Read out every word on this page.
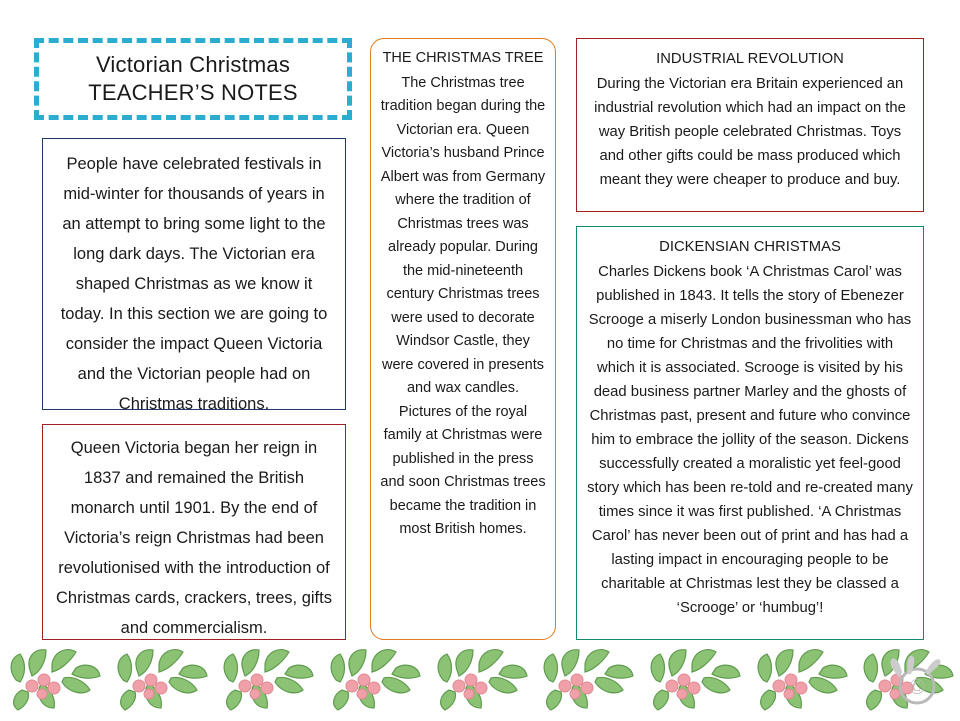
Victorian Christmas
TEACHER’S NOTES

People have celebrated festivals in mid-winter for thousands of years in an attempt to bring some light to the long dark days. The Victorian era shaped Christmas as we know it today. In this section we are going to consider the impact Queen Victoria and the Victorian people had on Christmas traditions.

Queen Victoria began her reign in 1837 and remained the British monarch until 1901. By the end of Victoria’s reign Christmas had been revolutionised with the introduction of Christmas cards, crackers, trees, gifts and commercialism.

THE CHRISTMAS TREE

The Christmas tree tradition began during the Victorian era. Queen Victoria’s husband Prince Albert was from Germany where the tradition of Christmas trees was already popular. During the mid-nineteenth century Christmas trees were used to decorate Windsor Castle, they were covered in presents and wax candles. Pictures of the royal family at Christmas were published in the press and soon Christmas trees became the tradition in most British homes.

INDUSTRIAL REVOLUTION

During the Victorian era Britain experienced an industrial revolution which had an impact on the way British people celebrated Christmas. Toys and other gifts could be mass produced which meant they were cheaper to produce and buy.

DICKENSIAN CHRISTMAS

Charles Dickens book ‘A Christmas Carol’ was published in 1843. It tells the story of Ebenezer Scrooge a miserly London businessman who has no time for Christmas and the frivolities with which it is associated. Scrooge is visited by his dead business partner Marley and the ghosts of Christmas past, present and future who convince him to embrace the jollity of the season. Dickens successfully created a moralistic yet feel-good story which has been re-told and re-created many times since it was first published. ‘A Christmas Carol’ has never been out of print and has had a lasting impact in encouraging people to be charitable at Christmas lest they be classed a ‘Scrooge’ or ‘humbug’!

©
